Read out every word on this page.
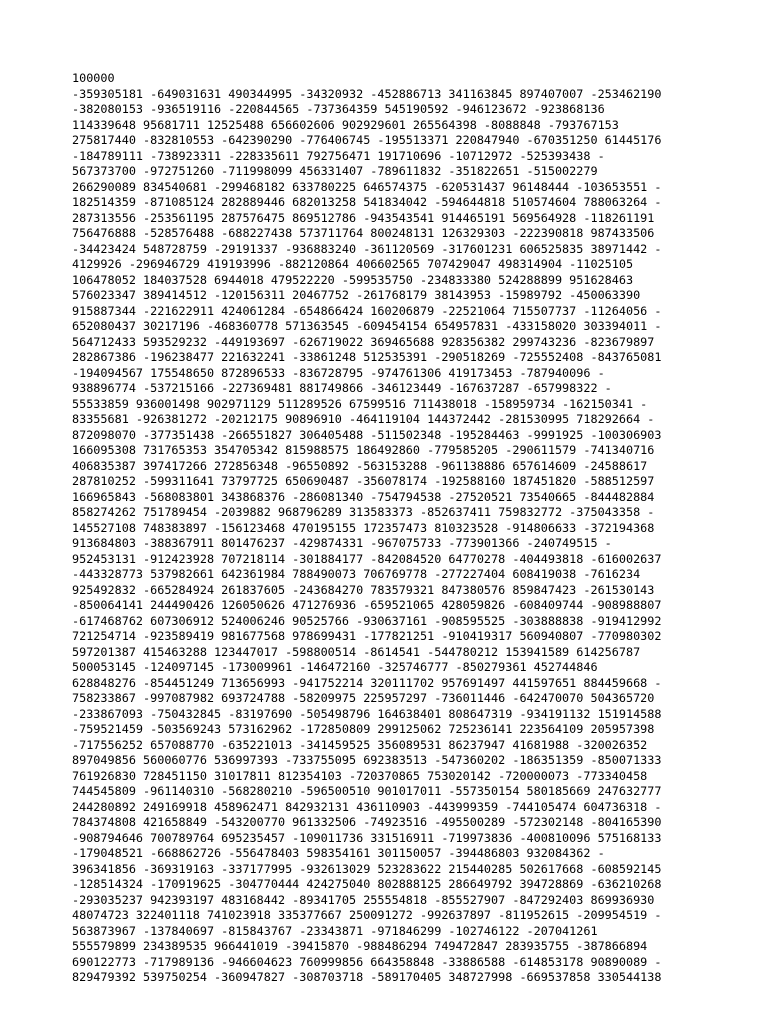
100000
-359305181 -649031631 490344995 -34320932 -452886713 341163845 897407007 -253462190
-382080153 -936519116 -220844565 -737364359 545190592 -946123672 -923868136
114339648 95681711 12525488 656602606 902929601 265564398 -8088848 -793767153
275817440 -832810553 -642390290 -776406745 -195513371 220847940 -670351250 61445176
-184789111 -738923311 -228335611 792756471 191710696 -10712972 -525393438 -
567373700 -972751260 -711998099 456331407 -789611832 -351822651 -515002279
266290089 834540681 -299468182 633780225 646574375 -620531437 96148444 -103653551 -
182514359 -871085124 282889446 682013258 541834042 -594644818 510574604 788063264 -
287313556 -253561195 287576475 869512786 -943543541 914465191 569564928 -118261191
756476888 -528576488 -688227438 573711764 800248131 126329303 -222390818 987433506
-34423424 548728759 -29191337 -936883240 -361120569 -317601231 606525835 38971442 -
4129926 -296946729 419193996 -882120864 406602565 707429047 498314904 -11025105
106478052 184037528 6944018 479522220 -599535750 -234833380 524288899 951628463
576023347 389414512 -120156311 20467752 -261768179 38143953 -15989792 -450063390
915887344 -221622911 424061284 -654866424 160206879 -22521064 715507737 -11264056 -
652080437 30217196 -468360778 571363545 -609454154 654957831 -433158020 303394011 -
564712433 593529232 -449193697 -626719022 369465688 928356382 299743236 -823679897
282867386 -196238477 221632241 -33861248 512535391 -290518269 -725552408 -843765081
-194094567 175548650 872896533 -836728795 -974761306 419173453 -787940096 -
938896774 -537215166 -227369481 881749866 -346123449 -167637287 -657998322 -
55533859 936001498 902971129 511289526 67599516 711438018 -158959734 -162150341 -
83355681 -926381272 -20212175 90896910 -464119104 144372442 -281530995 718292664 -
872098070 -377351438 -266551827 306405488 -511502348 -195284463 -9991925 -100306903
166095308 731765353 354705342 815988575 186492860 -779585205 -290611579 -741340716
406835387 397417266 272856348 -96550892 -563153288 -961138886 657614609 -24588617
287810252 -599311641 73797725 650690487 -356078174 -192588160 187451820 -588512597
166965843 -568083801 343868376 -286081340 -754794538 -27520521 73540665 -844482884
858274262 751789454 -2039882 968796289 313583373 -852637411 759832772 -375043358 -
145527108 748383897 -156123468 470195155 172357473 810323528 -914806633 -372194368
913684803 -388367911 801476237 -429874331 -967075733 -773901366 -240749515 -
952453131 -912423928 707218114 -301884177 -842084520 64770278 -404493818 -616002637
-443328773 537982661 642361984 788490073 706769778 -277227404 608419038 -7616234
925492832 -665284924 261837605 -243684270 783579321 847380576 859847423 -261530143
-850064141 244490426 126050626 471276936 -659521065 428059826 -608409744 -908988807
-617468762 607306912 524006246 90525766 -930637161 -908595525 -303888838 -919412992
721254714 -923589419 981677568 978699431 -177821251 -910419317 560940807 -770980302
597201387 415463288 123447017 -598800514 -8614541 -544780212 153941589 614256787
500053145 -124097145 -173009961 -146472160 -325746777 -850279361 452744846
628848276 -854451249 713656993 -941752214 320111702 957691497 441597651 884459668 -
758233867 -997087982 693724788 -58209975 225957297 -736011446 -642470070 504365720
-233867093 -750432845 -83197690 -505498796 164638401 808647319 -934191132 151914588
-759521459 -503569243 573162962 -172850809 299125062 725236141 223564109 205957398
-717556252 657088770 -635221013 -341459525 356089531 86237947 41681988 -320026352
897049856 560060776 536997393 -733755095 692383513 -547360202 -186351359 -850071333
761926830 728451150 31017811 812354103 -720370865 753020142 -720000073 -773340458
744545809 -961140310 -568280210 -596500510 901017011 -557350154 580185669 247632777
244280892 249169918 458962471 842932131 436110903 -443999359 -744105474 604736318 -
784374808 421658849 -543200770 961332506 -74923516 -495500289 -572302148 -804165390
-908794646 700789764 695235457 -109011736 331516911 -719973836 -400810096 575168133
-179048521 -668862726 -556478403 598354161 301150057 -394486803 932084362 -
396341856 -369319163 -337177995 -932613029 523283622 215440285 502617668 -608592145
-128514324 -170919625 -304770444 424275040 802888125 286649792 394728869 -636210268
-293035237 942393197 483168442 -89341705 255554818 -855527907 -847292403 869936930
48074723 322401118 741023918 335377667 250091272 -992637897 -811952615 -209954519 -
563873967 -137840697 -815843767 -23343871 -971846299 -102746122 -207041261
555579899 234389535 966441019 -39415870 -988486294 749472847 283935755 -387866894
690122773 -717989136 -946604623 760999856 664358848 -33886588 -614853178 90890089 -
829479392 539750254 -360947827 -308703718 -589170405 348727998 -669537858 330544138
